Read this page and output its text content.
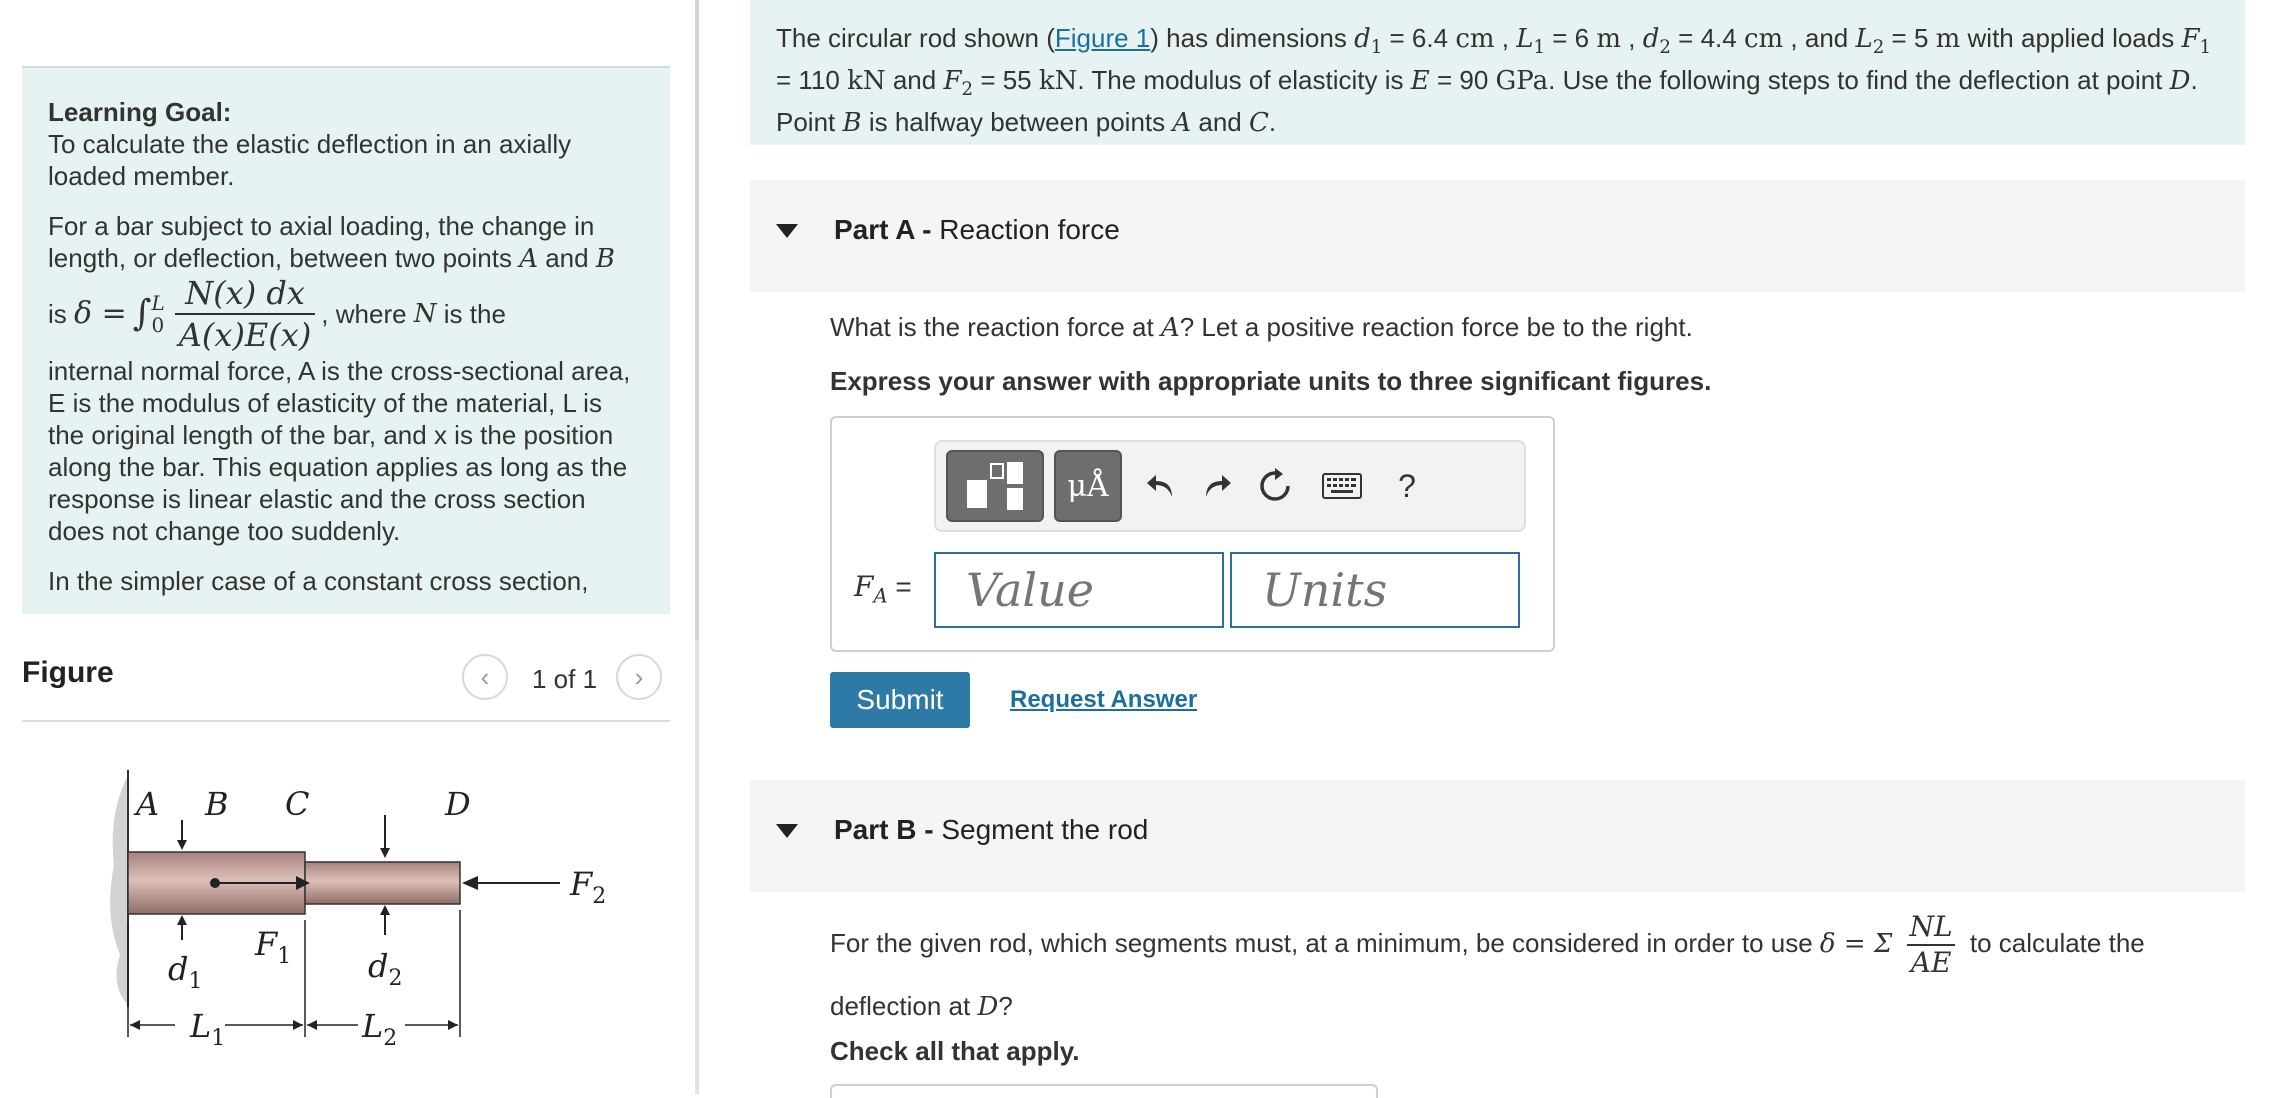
Learning Goal:
To calculate the elastic deflection in an axially loaded member.

For a bar subject to axial loading, the change in length, or deflection, between two points A and B

is
δ = ∫ L
$0 \frac{N(x) dx}{A(x)E(x)}$ , where
N
is the

internal normal force, A is the cross-sectional area, E is the modulus of elasticity of the material, L is the original length of the bar, and x is the position along the bar. This equation applies as long as the response is linear elastic and the cross section does not change too suddenly.

In the simpler case of a constant cross section,

Figure	‹ 1 of 1 ›
A B C	D
$F_2$
$d_1$
$F_1$ $d_2$
$L_1$	$L_2$
The circular rod shown (Figure 1) has dimensions $d_1 = 6.4$ cm , $L_1 = 6$ m , $d_2 = 4.4$ cm , and $L_2 = 5$ m with applied loads $F_1 = 110$ kN and $F_2 = 55$ kN. The modulus of elasticity is E = 90 GPa. Use the following steps to find the deflection at point D. Point B is halfway between points A and C.
Part A - Reaction force
What is the reaction force at A? Let a positive reaction force be to the right.
Express your answer with appropriate units to three significant figures.
μÅ	?
$F_A$ =
Value
Units
Submit	Request Answer
Part B - Segment the rod
For the given rod, which segments must, at a minimum, be considered in order to use δ = Σ $\frac{NL}{AE}$ to calculate the deflection at D?
Check all that apply.
